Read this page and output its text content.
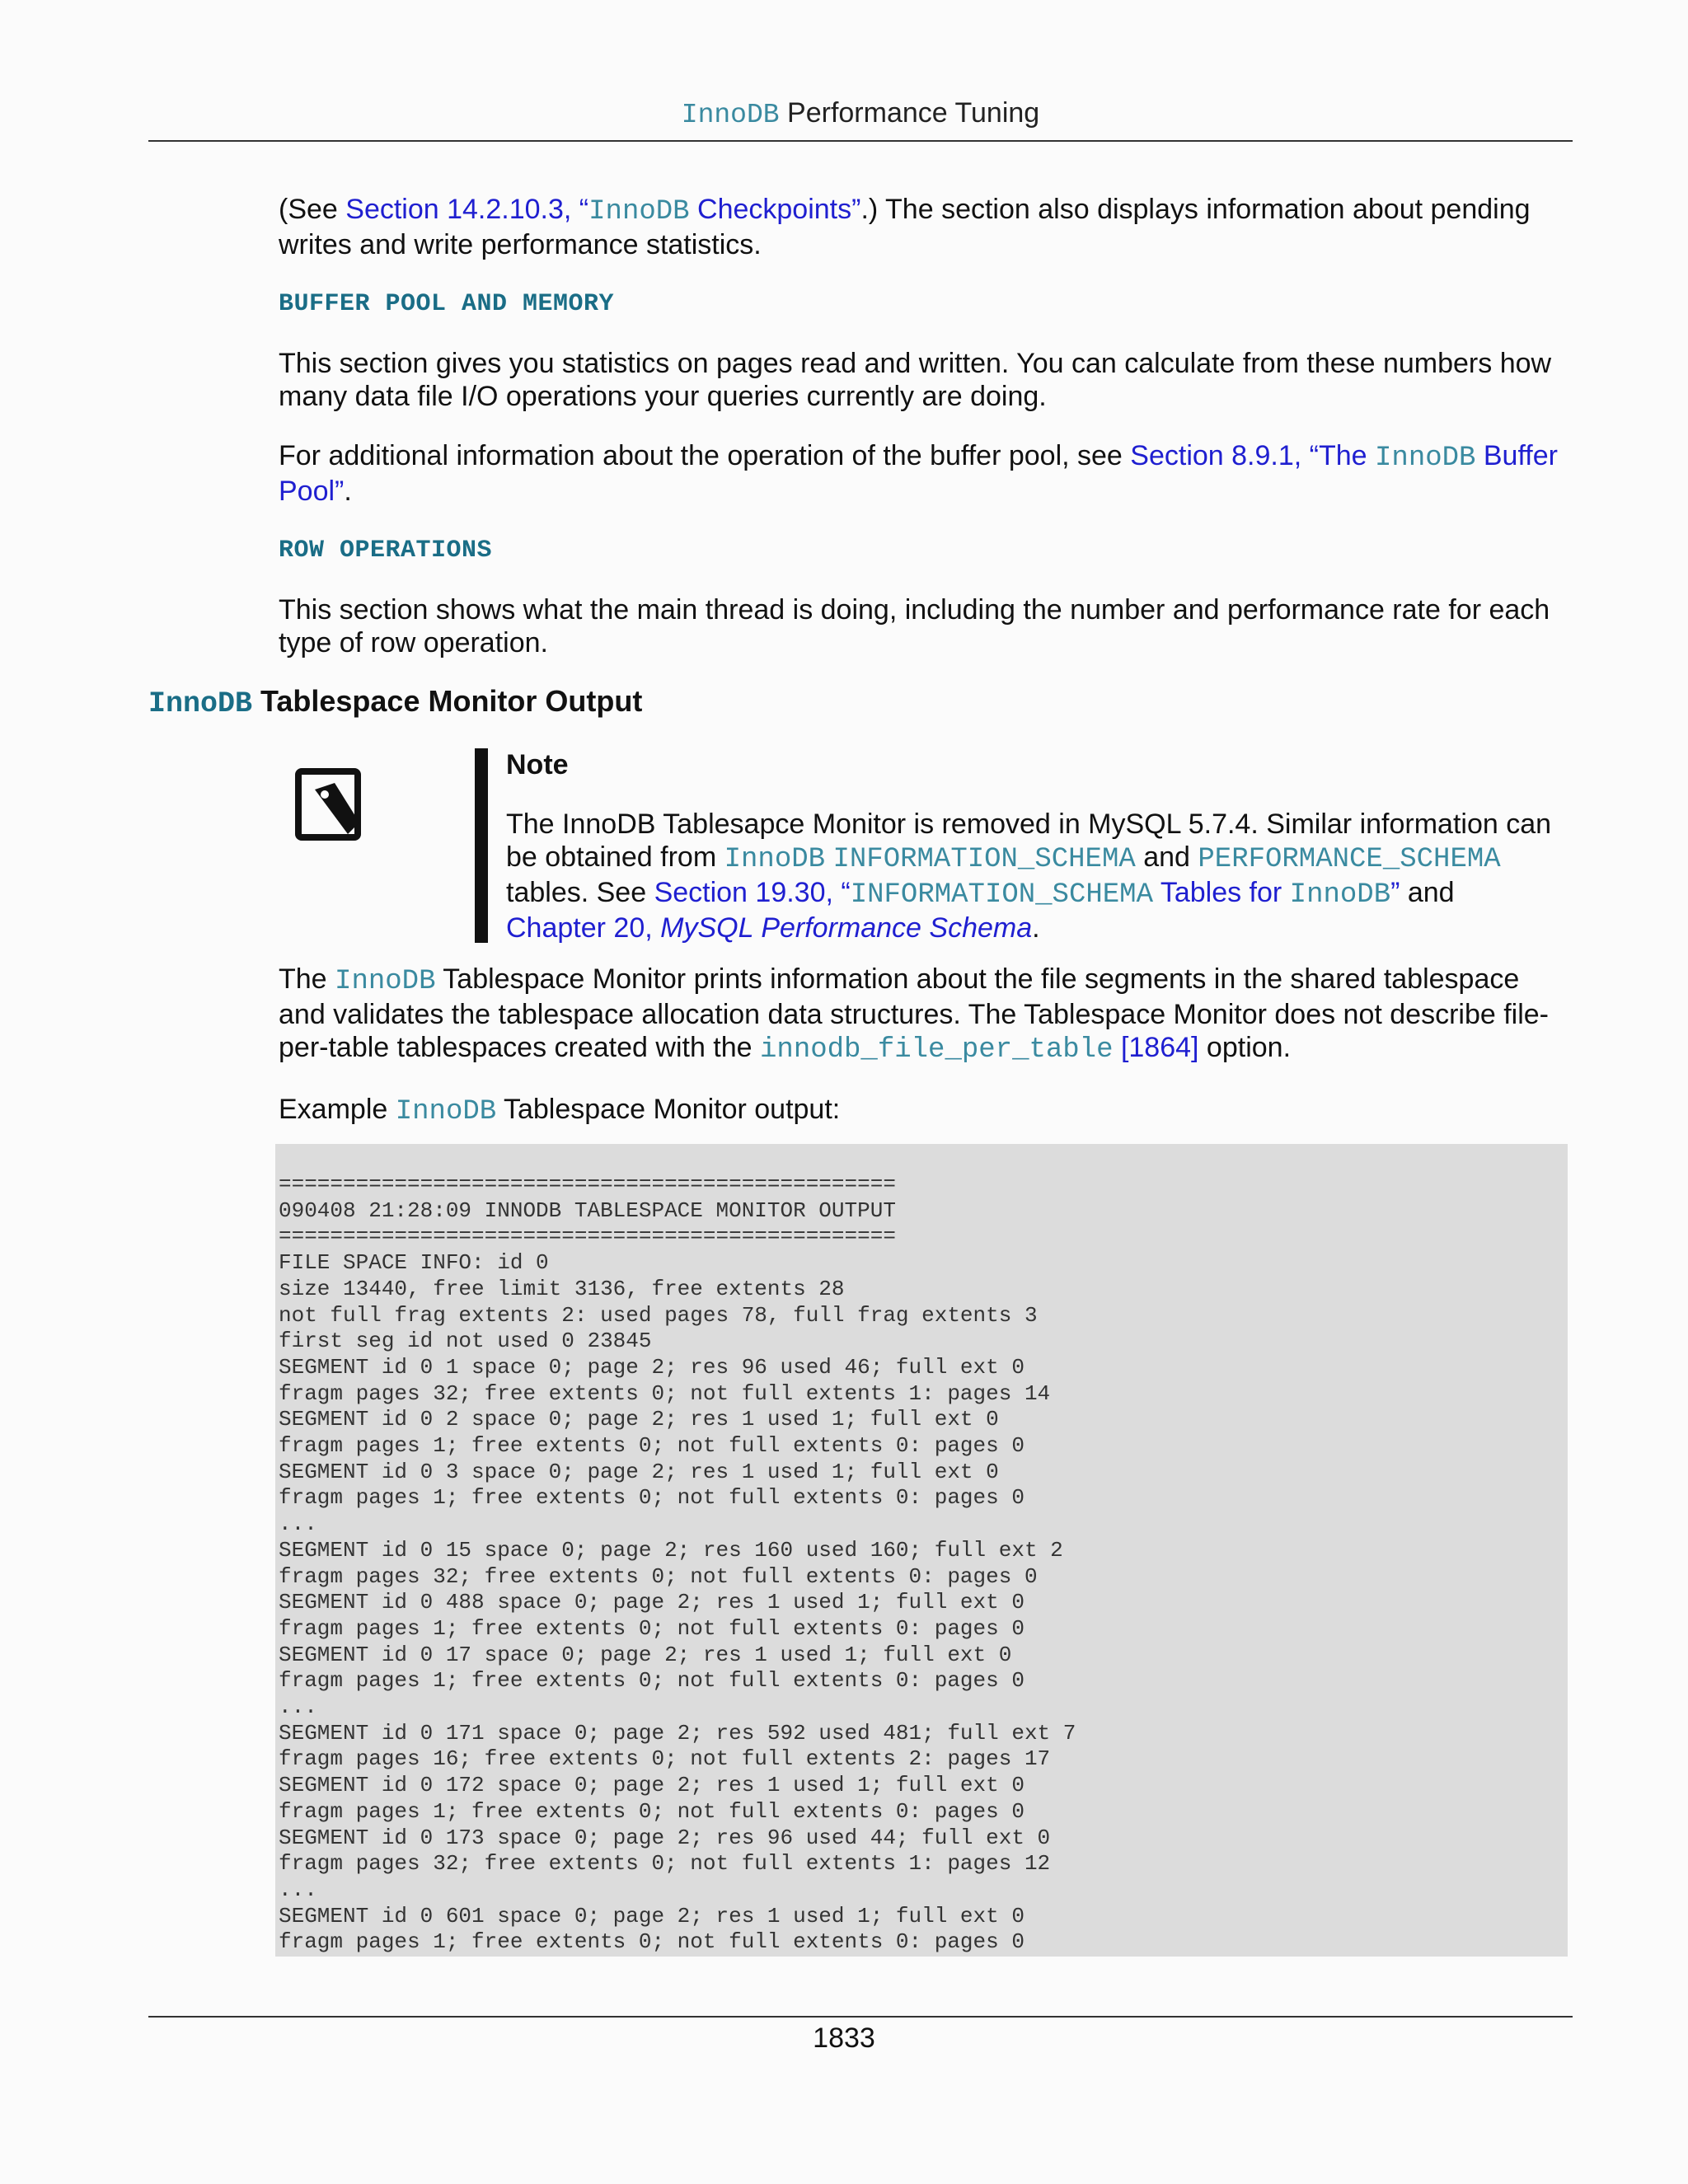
InnoDB Performance Tuning

(See Section 14.2.10.3, “InnoDB Checkpoints”.) The section also displays information about pending writes and write performance statistics.

BUFFER POOL AND MEMORY

This section gives you statistics on pages read and written. You can calculate from these numbers how many data file I/O operations your queries currently are doing.

For additional information about the operation of the buffer pool, see Section 8.9.1, “The InnoDB Buffer Pool”.

ROW OPERATIONS

This section shows what the main thread is doing, including the number and performance rate for each type of row operation.

InnoDB Tablespace Monitor Output
Note

The InnoDB Tablesapce Monitor is removed in MySQL 5.7.4. Similar information can be obtained from InnoDB INFORMATION_SCHEMA and PERFORMANCE_SCHEMA tables. See Section 19.30, “INFORMATION_SCHEMA Tables for InnoDB” and Chapter 20, MySQL Performance Schema.

The InnoDB Tablespace Monitor prints information about the file segments in the shared tablespace and validates the tablespace allocation data structures. The Tablespace Monitor does not describe file-per-table tablespaces created with the innodb_file_per_table [1864] option.

Example InnoDB Tablespace Monitor output:

================================================
090408 21:28:09 INNODB TABLESPACE MONITOR OUTPUT
================================================
FILE SPACE INFO: id 0
size 13440, free limit 3136, free extents 28
not full frag extents 2: used pages 78, full frag extents 3
first seg id not used 0 23845
SEGMENT id 0 1 space 0; page 2; res 96 used 46; full ext 0
fragm pages 32; free extents 0; not full extents 1: pages 14
SEGMENT id 0 2 space 0; page 2; res 1 used 1; full ext 0
fragm pages 1; free extents 0; not full extents 0: pages 0
SEGMENT id 0 3 space 0; page 2; res 1 used 1; full ext 0
fragm pages 1; free extents 0; not full extents 0: pages 0
...
SEGMENT id 0 15 space 0; page 2; res 160 used 160; full ext 2
fragm pages 32; free extents 0; not full extents 0: pages 0
SEGMENT id 0 488 space 0; page 2; res 1 used 1; full ext 0
fragm pages 1; free extents 0; not full extents 0: pages 0
SEGMENT id 0 17 space 0; page 2; res 1 used 1; full ext 0
fragm pages 1; free extents 0; not full extents 0: pages 0
...
SEGMENT id 0 171 space 0; page 2; res 592 used 481; full ext 7
fragm pages 16; free extents 0; not full extents 2: pages 17
SEGMENT id 0 172 space 0; page 2; res 1 used 1; full ext 0
fragm pages 1; free extents 0; not full extents 0: pages 0
SEGMENT id 0 173 space 0; page 2; res 96 used 44; full ext 0
fragm pages 32; free extents 0; not full extents 1: pages 12
...
SEGMENT id 0 601 space 0; page 2; res 1 used 1; full ext 0
fragm pages 1; free extents 0; not full extents 0: pages 0
1833
